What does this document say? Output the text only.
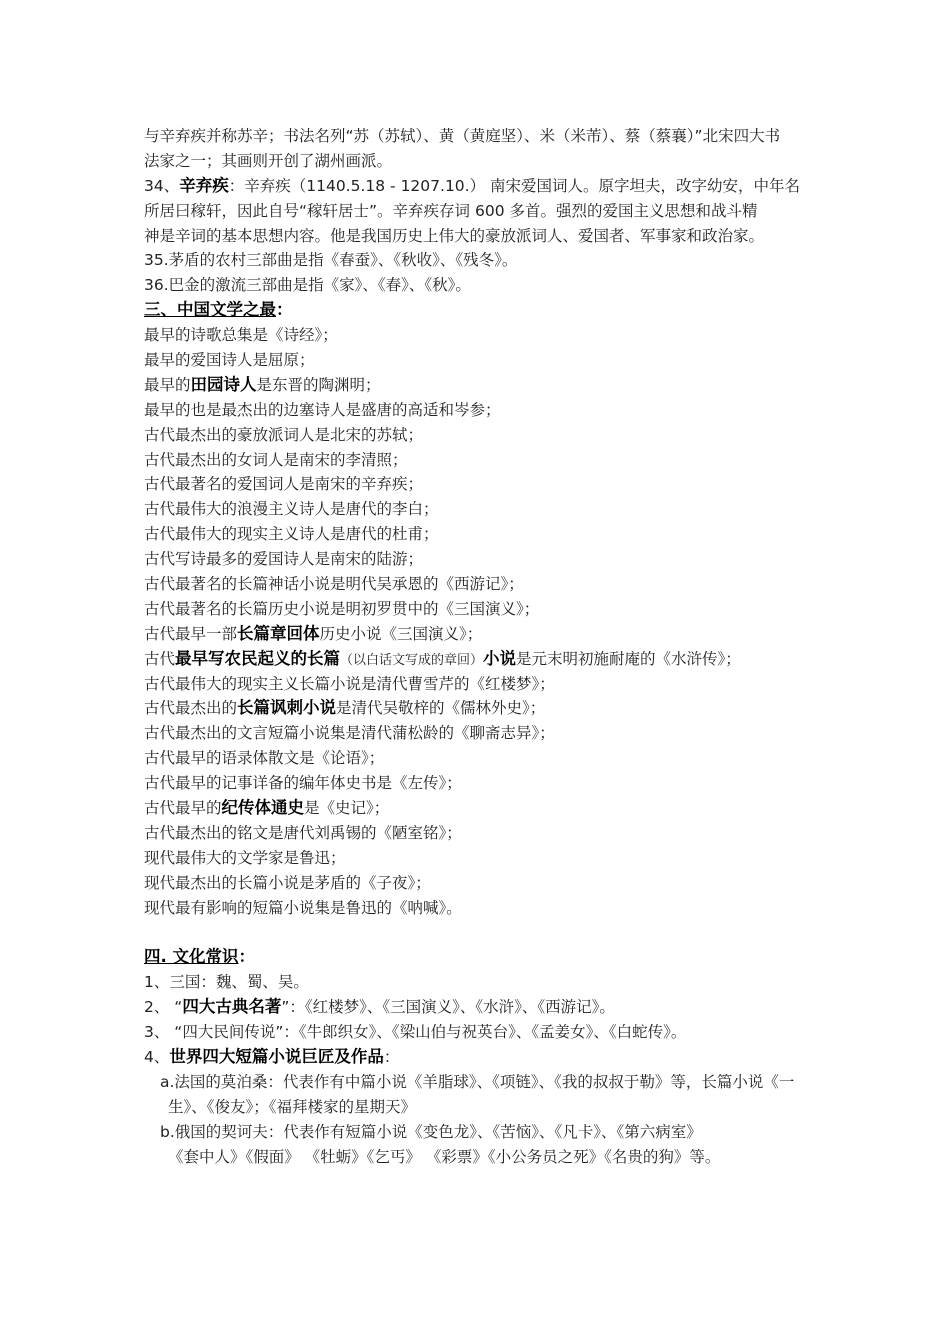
与辛弃疾并称苏辛；书法名列“苏（苏轼）、黄（黄庭坚）、米（米芾）、蔡（蔡襄）”北宋四大书
法家之一；其画则开创了湖州画派。
34、辛弃疾：辛弃疾（1140.5.18 - 1207.10.） 南宋爱国词人。原字坦夫，改字幼安，中年名
所居曰稼轩，因此自号“稼轩居士”。辛弃疾存词 600 多首。强烈的爱国主义思想和战斗精
神是辛词的基本思想内容。他是我国历史上伟大的豪放派词人、爱国者、军事家和政治家。
35.茅盾的农村三部曲是指《春蚕》、《秋收》、《残冬》。
36.巴金的激流三部曲是指《家》、《春》、《秋》。
三、中国文学之最：
最早的诗歌总集是《诗经》；
最早的爱国诗人是屈原；
最早的田园诗人是东晋的陶渊明；
最早的也是最杰出的边塞诗人是盛唐的高适和岑参；
古代最杰出的豪放派词人是北宋的苏轼；
古代最杰出的女词人是南宋的李清照；
古代最著名的爱国词人是南宋的辛弃疾；
古代最伟大的浪漫主义诗人是唐代的李白；
古代最伟大的现实主义诗人是唐代的杜甫；
古代写诗最多的爱国诗人是南宋的陆游；
古代最著名的长篇神话小说是明代吴承恩的《西游记》；
古代最著名的长篇历史小说是明初罗贯中的《三国演义》；
古代最早一部长篇章回体历史小说《三国演义》；
古代最早写农民起义的长篇（以白话文写成的章回）小说是元末明初施耐庵的《水浒传》；
古代最伟大的现实主义长篇小说是清代曹雪芹的《红楼梦》；
古代最杰出的长篇讽刺小说是清代吴敬梓的《儒林外史》；
古代最杰出的文言短篇小说集是清代蒲松龄的《聊斋志异》；
古代最早的语录体散文是《论语》；
古代最早的记事详备的编年体史书是《左传》；
古代最早的纪传体通史是《史记》；
古代最杰出的铭文是唐代刘禹锡的《陋室铭》；
现代最伟大的文学家是鲁迅；
现代最杰出的长篇小说是茅盾的《子夜》；
现代最有影响的短篇小说集是鲁迅的《呐喊》。
四. 文化常识：
1、三国：魏、蜀、吴。
2、 “四大古典名著”：《红楼梦》、《三国演义》、《水浒》、《西游记》。
3、 “四大民间传说”：《牛郎织女》、《梁山伯与祝英台》、《孟姜女》、《白蛇传》。
4、世界四大短篇小说巨匠及作品：
a.法国的莫泊桑：代表作有中篇小说《羊脂球》、《项链》、《我的叔叔于勒》等，长篇小说《一
生》、《俊友》；《福拜楼家的星期天》
b.俄国的契诃夫：代表作有短篇小说《变色龙》、《苦恼》、《凡卡》、《第六病室》
《套中人》《假面》 《牡蛎》《乞丐》 《彩票》《小公务员之死》《名贵的狗》等。
